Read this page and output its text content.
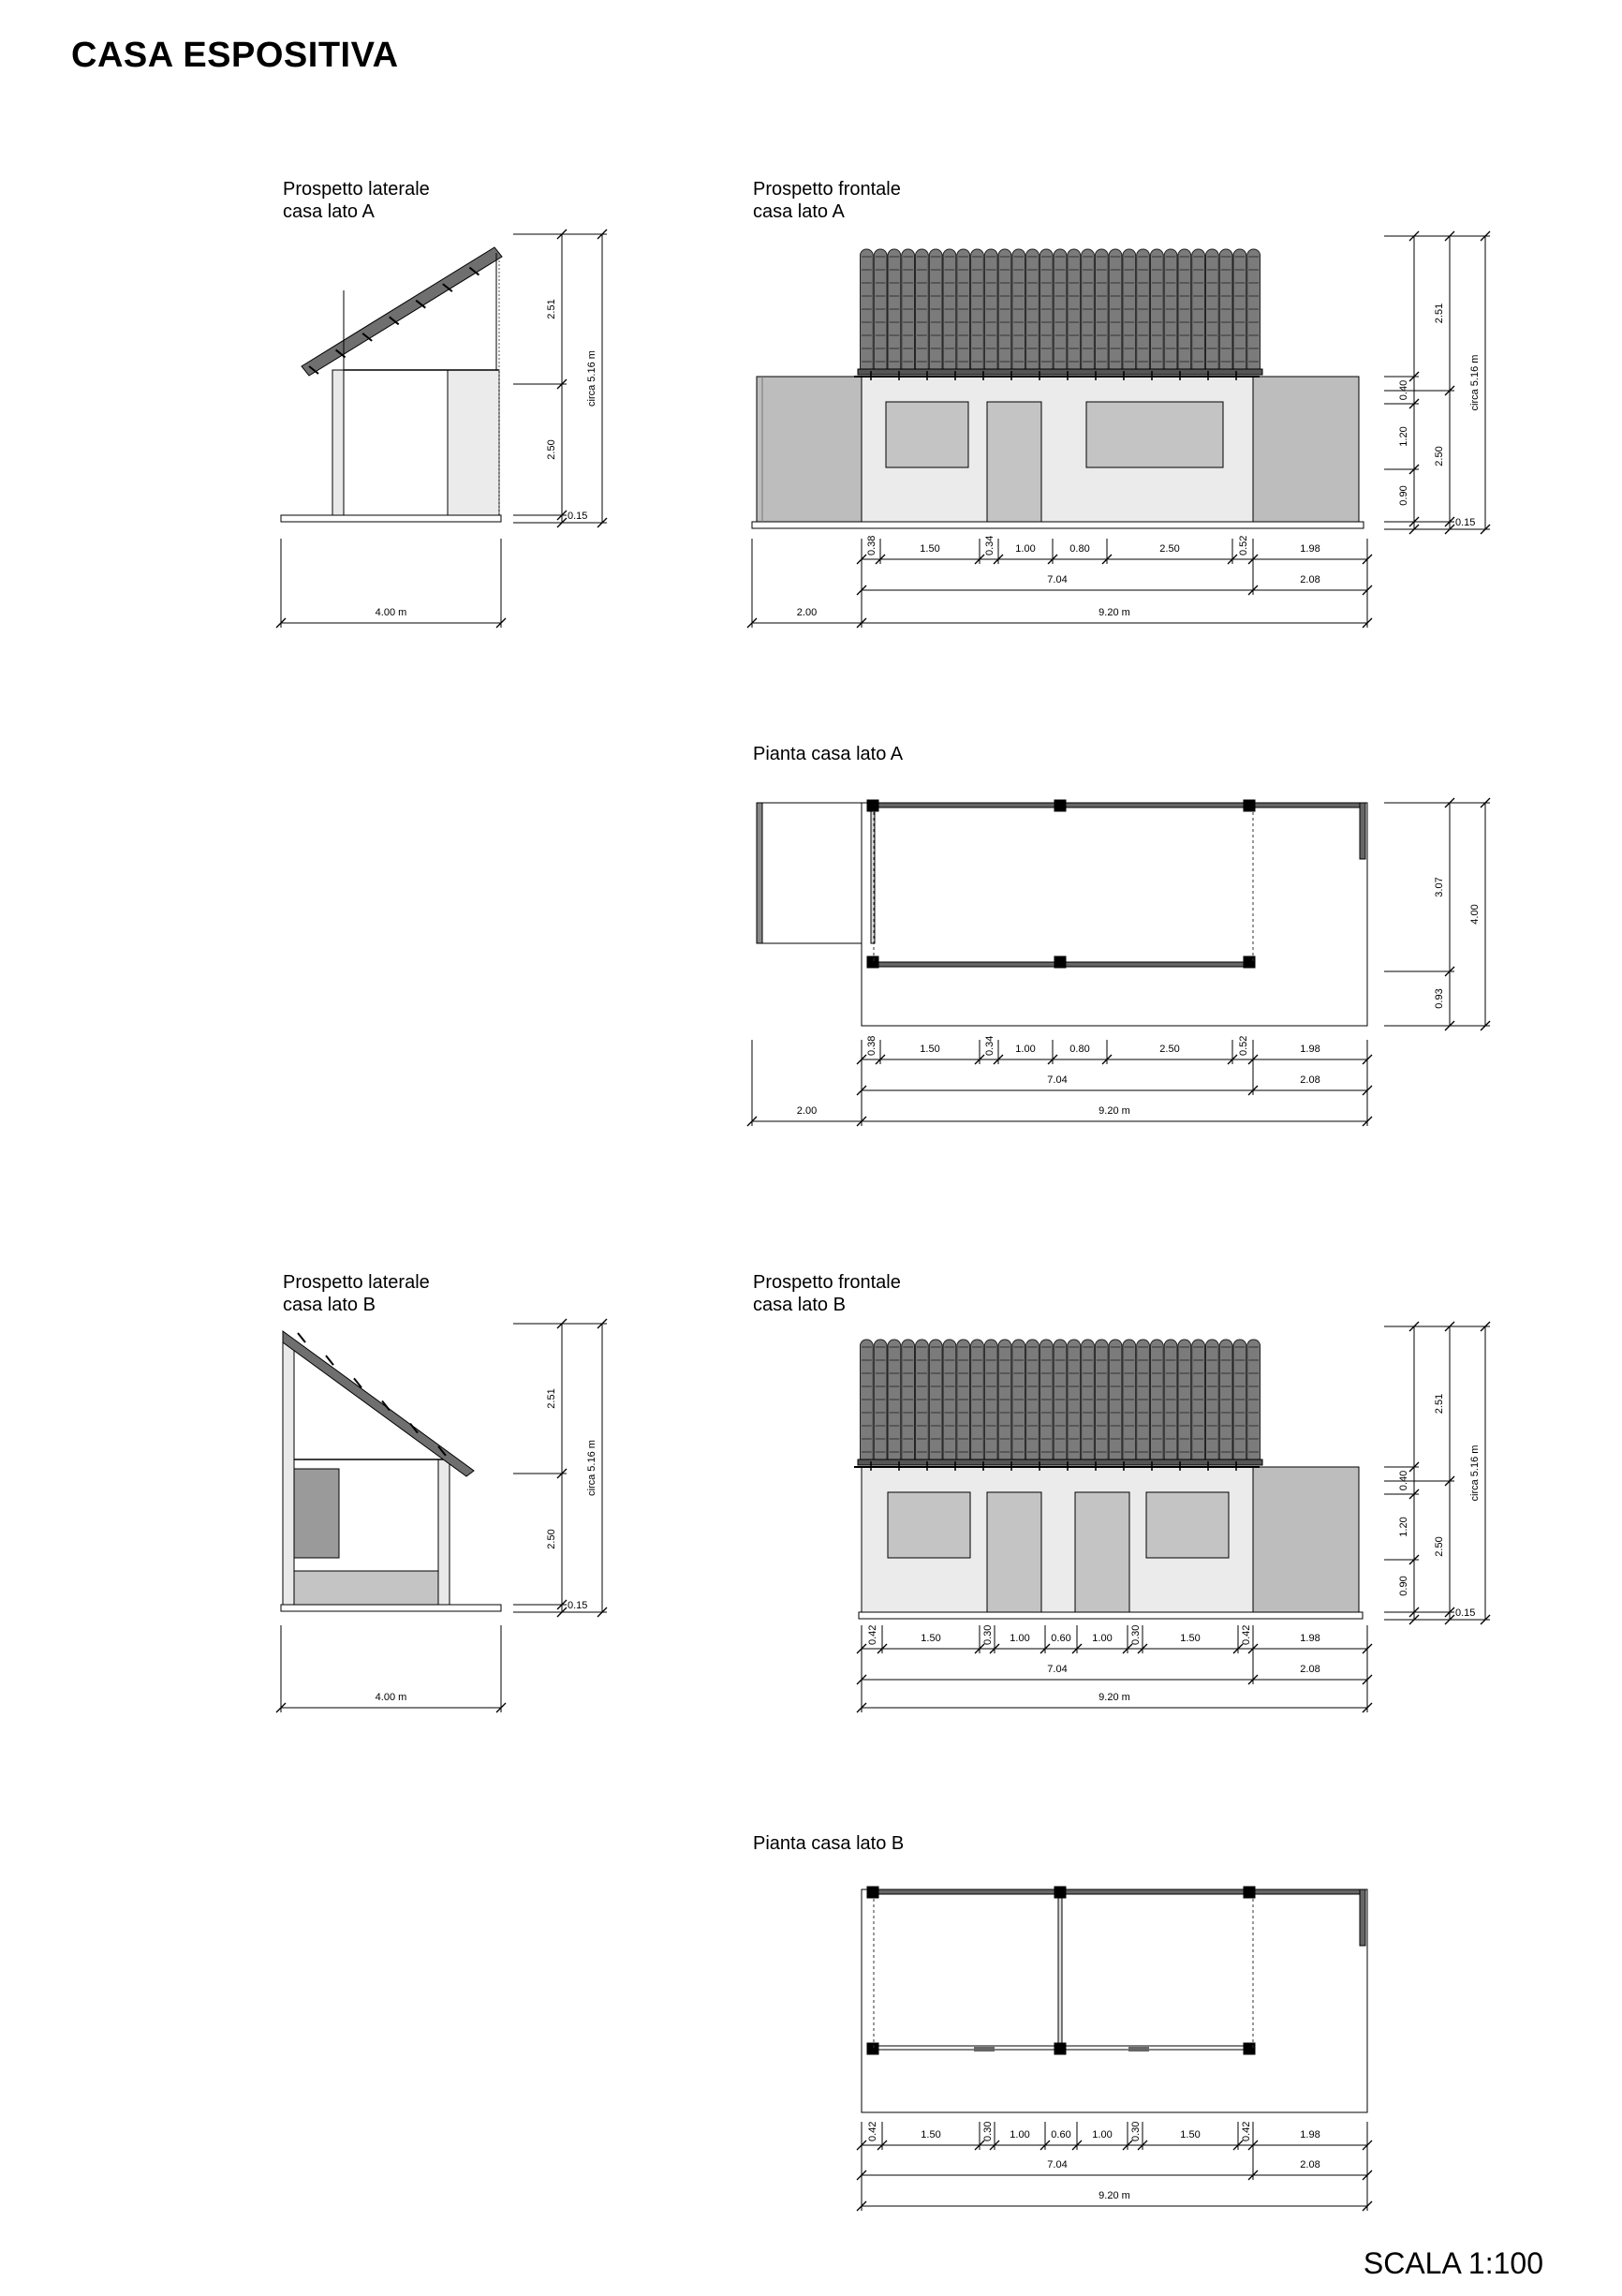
CASA ESPOSITIVA
Prospetto laterale
casa lato A
Prospetto frontale
casa lato A
Pianta casa lato A
Prospetto laterale
casa lato B
Prospetto frontale
casa lato B
Pianta casa lato B
SCALA 1:100
2.51
2.50
0.15
circa 5.16 m
4.00 m
0.38	1.50	0.34 1.00	0.80	2.50	0.52	1.98
7.04	2.08
2.00	9.20 m
0.40
1.20
0.90
2.51
2.50
0.15
circa 5.16 m
0.38	1.50	0.34 1.00	0.80	2.50	0.52	1.98
7.04	2.08
2.00	9.20 m
3.07
0.93
4.00
2.51
2.50
0.15
circa 5.16 m
4.00 m
0.42	1.50	0.30 1.00 0.60 1.00 0.30	1.50	0.42	1.98
7.04	2.08
9.20 m
0.40
1.20
0.90
2.51
2.50
0.15
circa 5.16 m
0.42	1.50	0.30 1.00 0.60 1.00 0.30	1.50	0.42	1.98
7.04	2.08
9.20 m
